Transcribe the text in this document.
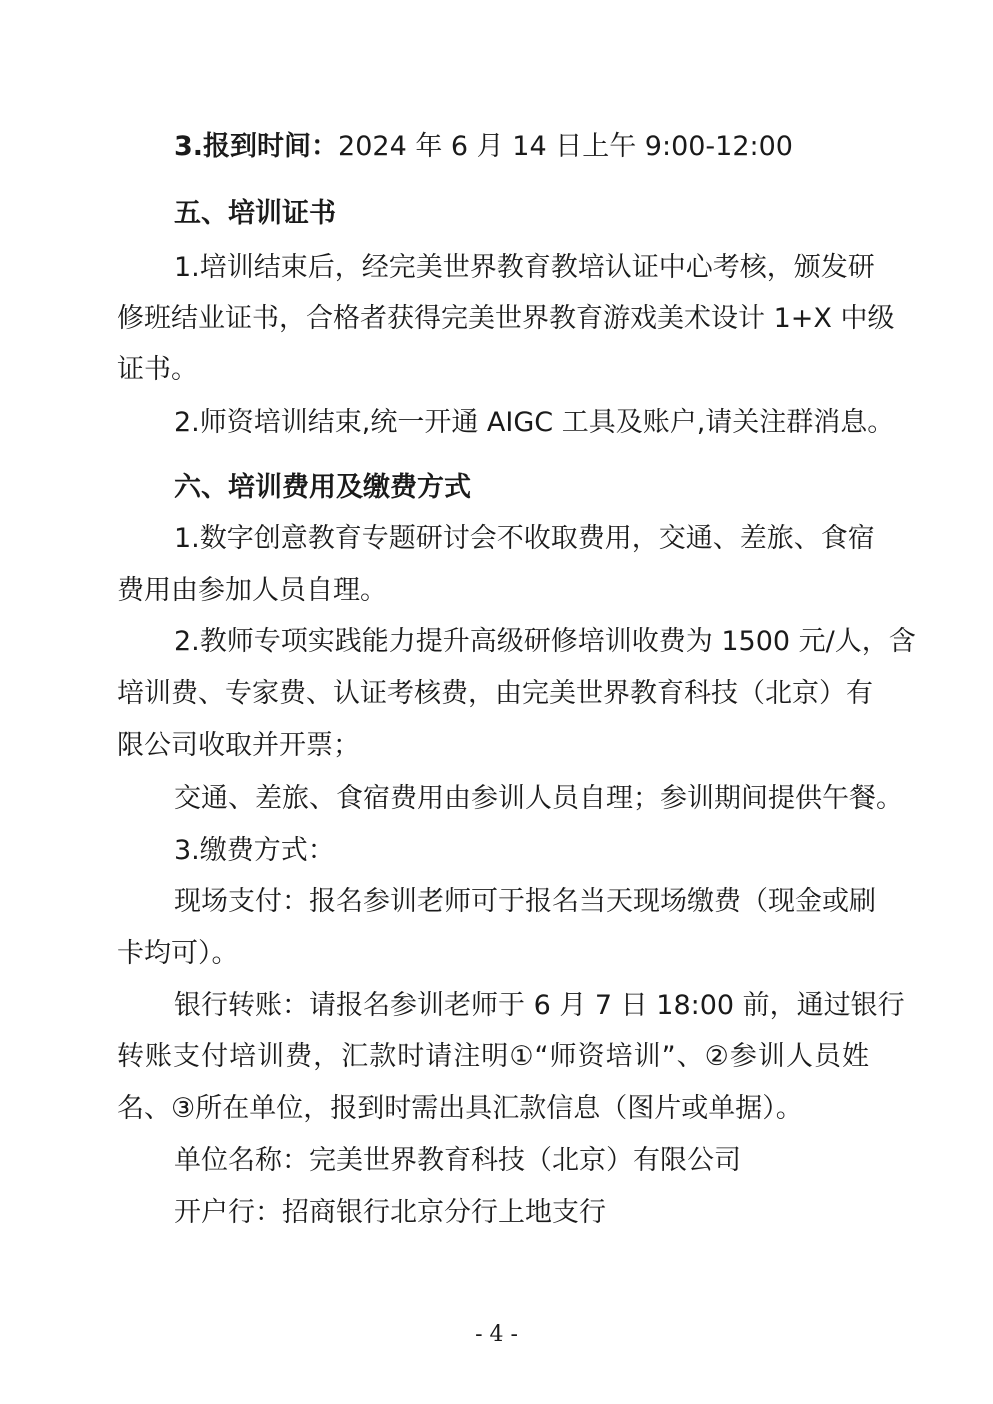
3.报到时间：2024 年 6 月 14 日上午 9:00-12:00
五、培训证书
1.培训结束后，经完美世界教育教培认证中心考核，颁发研
修班结业证书，合格者获得完美世界教育游戏美术设计 1+X 中级
证书。
2.师资培训结束,统一开通 AIGC 工具及账户,请关注群消息。
六、培训费用及缴费方式
1.数字创意教育专题研讨会不收取费用，交通、差旅、食宿
费用由参加人员自理。
2.教师专项实践能力提升高级研修培训收费为 1500 元/人，含
培训费、专家费、认证考核费，由完美世界教育科技（北京）有
限公司收取并开票；
交通、差旅、食宿费用由参训人员自理；参训期间提供午餐。
3.缴费方式：
现场支付：报名参训老师可于报名当天现场缴费（现金或刷
卡均可）。
银行转账：请报名参训老师于 6 月 7 日 18:00 前，通过银行
转账支付培训费，汇款时请注明①“师资培训”、②参训人员姓
名、③所在单位，报到时需出具汇款信息（图片或单据）。
单位名称：完美世界教育科技（北京）有限公司
开户行：招商银行北京分行上地支行
- 4 -
